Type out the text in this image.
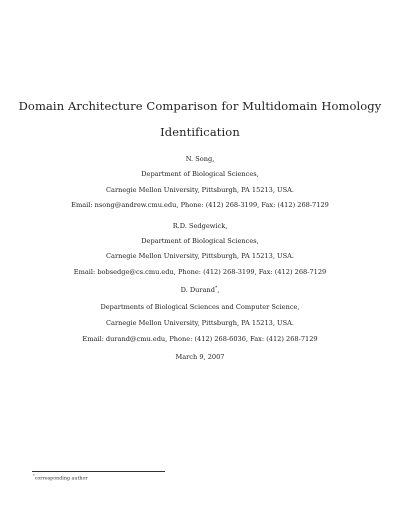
Domain Architecture Comparison for Multidomain Homology
Identification
N. Song,
Department of Biological Sciences,
Carnegie Mellon University, Pittsburgh, PA 15213, USA.
Email: nsong@andrew.cmu.edu, Phone: (412) 268-3199, Fax: (412) 268-7129
R.D. Sedgewick,
Department of Biological Sciences,
Carnegie Mellon University, Pittsburgh, PA 15213, USA.
Email: bobsedge@cs.cmu.edu, Phone: (412) 268-3199, Fax: (412) 268-7129
D. Durand*,
Departments of Biological Sciences and Computer Science,
Carnegie Mellon University, Pittsburgh, PA 15213, USA.
Email: durand@cmu.edu, Phone: (412) 268-6036, Fax: (412) 268-7129
March 9, 2007
*corresponding author
